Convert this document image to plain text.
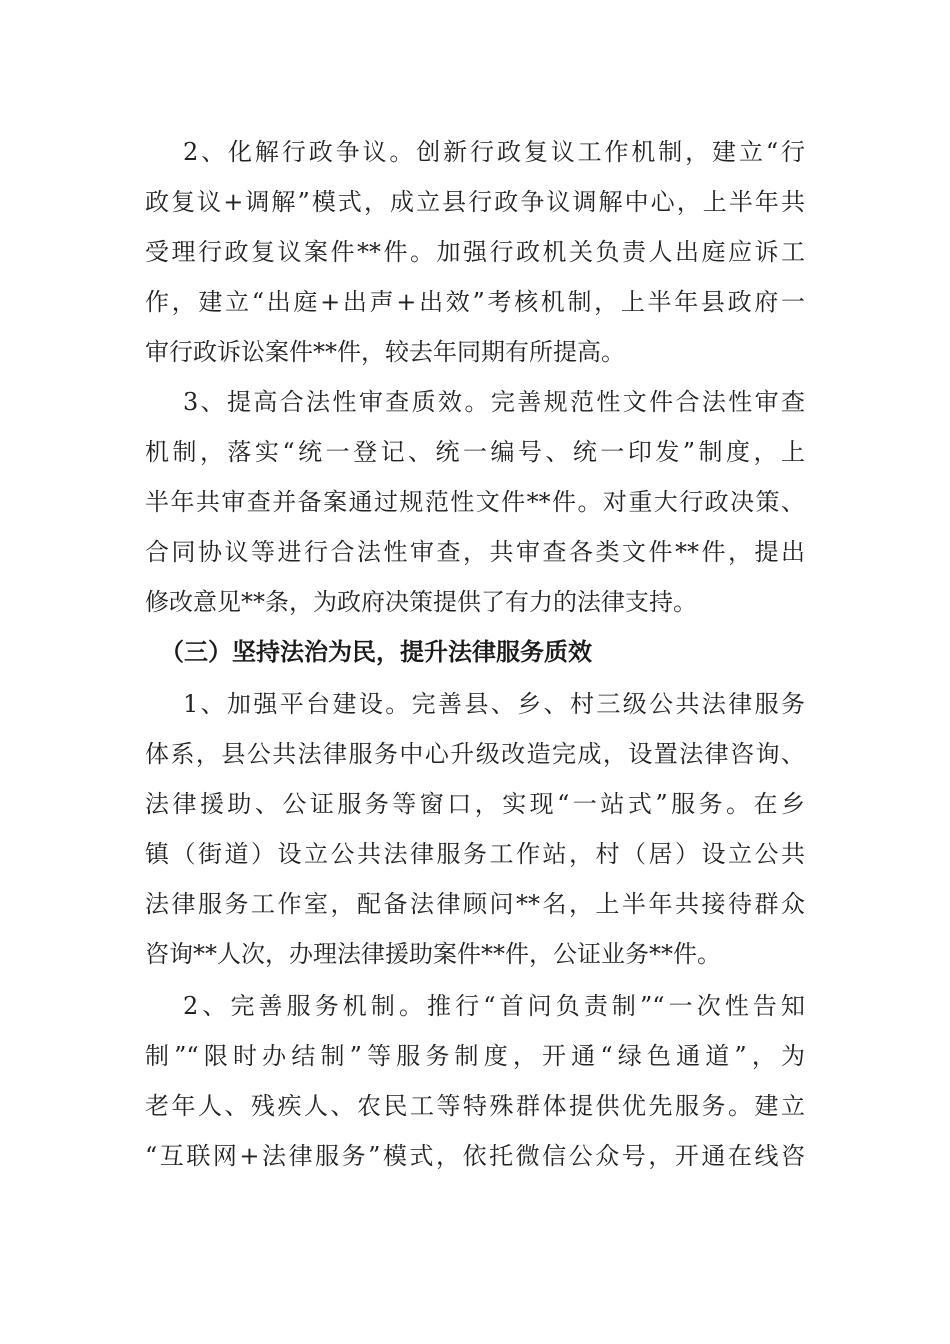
2、化解行政争议。创新行政复议工作机制，建立“行
政复议+调解”模式，成立县行政争议调解中心，上半年共
受理行政复议案件**件。加强行政机关负责人出庭应诉工
作，建立“出庭+出声+出效”考核机制，上半年县政府一
审行政诉讼案件**件，较去年同期有所提高。
3、提高合法性审查质效。完善规范性文件合法性审查
机制，落实“统一登记、统一编号、统一印发”制度，上
半年共审查并备案通过规范性文件**件。对重大行政决策、
合同协议等进行合法性审查，共审查各类文件**件，提出
修改意见**条，为政府决策提供了有力的法律支持。
（三）坚持法治为民，提升法律服务质效
1、加强平台建设。完善县、乡、村三级公共法律服务
体系，县公共法律服务中心升级改造完成，设置法律咨询、
法律援助、公证服务等窗口，实现“一站式”服务。在乡
镇（街道）设立公共法律服务工作站，村（居）设立公共
法律服务工作室，配备法律顾问**名，上半年共接待群众
咨询**人次，办理法律援助案件**件，公证业务**件。
2、完善服务机制。推行“首问负责制”“一次性告知
制”“限时办结制”等服务制度，开通“绿色通道”，为
老年人、残疾人、农民工等特殊群体提供优先服务。建立
“互联网+法律服务”模式，依托微信公众号，开通在线咨
